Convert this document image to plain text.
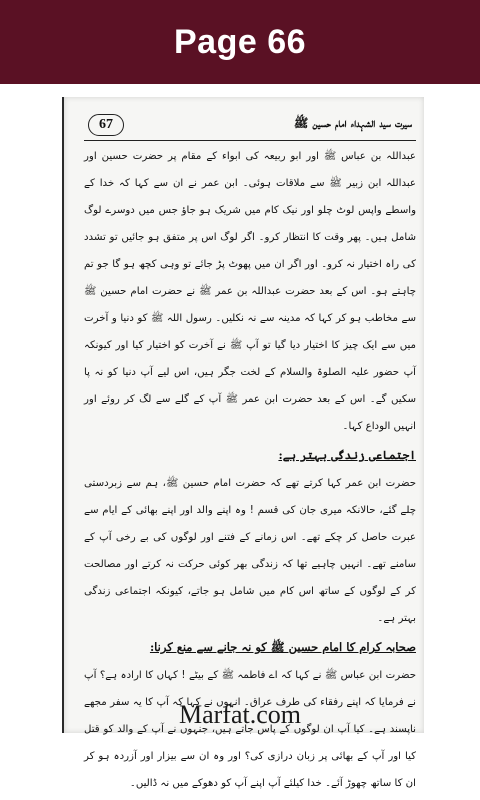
Page 66
سیرت سید الشہداء امام حسین ﷺ
67

عبداللہ بن عباس ﷺ اور ابو ربیعہ کی ابواء کے مقام پر حضرت حسین اور عبداللہ ابن زبیر ﷺ سے ملاقات ہوئی۔ ابن عمر نے ان سے کہا کہ خدا کے واسطے واپس لوٹ چلو اور نیک کام میں شریک ہو جاؤ جس میں دوسرے لوگ شامل ہیں۔ پھر وقت کا انتظار کرو۔ اگر لوگ اس پر متفق ہو جائیں تو تشدد کی راہ اختیار نہ کرو۔ اور اگر ان میں پھوٹ پڑ جائے تو وہی کچھ ہو گا جو تم چاہتے ہو۔ اس کے بعد حضرت عبداللہ بن عمر ﷺ نے حضرت امام حسین ﷺ سے مخاطب ہو کر کہا کہ مدینہ سے نہ نکلیں۔ رسول اللہ ﷺ کو دنیا و آخرت میں سے ایک چیز کا اختیار دیا گیا تو آپ ﷺ نے آخرت کو اختیار کیا اور کیونکہ آپ حضور علیہ الصلوۃ والسلام کے لخت جگر ہیں، اس لیے آپ دنیا کو نہ پا سکیں گے۔ اس کے بعد حضرت ابن عمر ﷺ آپ کے گلے سے لگ کر روئے اور انہیں الوداع کہا۔

اجتماعی زندگی بہتر ہے:

حضرت ابن عمر کہا کرتے تھے کہ حضرت امام حسین ﷺ، ہم سے زبردستی چلے گئے، حالانکہ میری جان کی قسم ! وہ اپنے والد اور اپنے بھائی کے ایام سے عبرت حاصل کر چکے تھے۔ اس زمانے کے فتنے اور لوگوں کی بے رخی آپ کے سامنے تھے۔ انہیں چاہیے تھا کہ زندگی بھر کوئی حرکت نہ کرتے اور مصالحت کر کے لوگوں کے ساتھ اس کام میں شامل ہو جاتے، کیونکہ اجتماعی زندگی بہتر ہے۔

صحابہ کرام کا امام حسین ﷺ کو نہ جانے سے منع کرنا:

حضرت ابن عباس ﷺ نے کہا کہ اے فاطمہ ﷺ کے بیٹے ! کہاں کا ارادہ ہے؟ آپ نے فرمایا کہ اپنے رفقاء کی طرف عراق۔ انہوں نے کہا کہ آپ کا یہ سفر مجھے ناپسند ہے۔ کیا آپ ان لوگوں کے پاس جاتے ہیں، جنہوں نے آپ کے والد کو قتل کیا اور آپ کے بھائی پر زبان درازی کی؟ اور وہ ان سے بیزار اور آزردہ ہو کر ان کا ساتھ چھوڑ آئے۔ خدا کیلئے آپ اپنے آپ کو دھوکے میں نہ ڈالیں۔

Marfat.com
